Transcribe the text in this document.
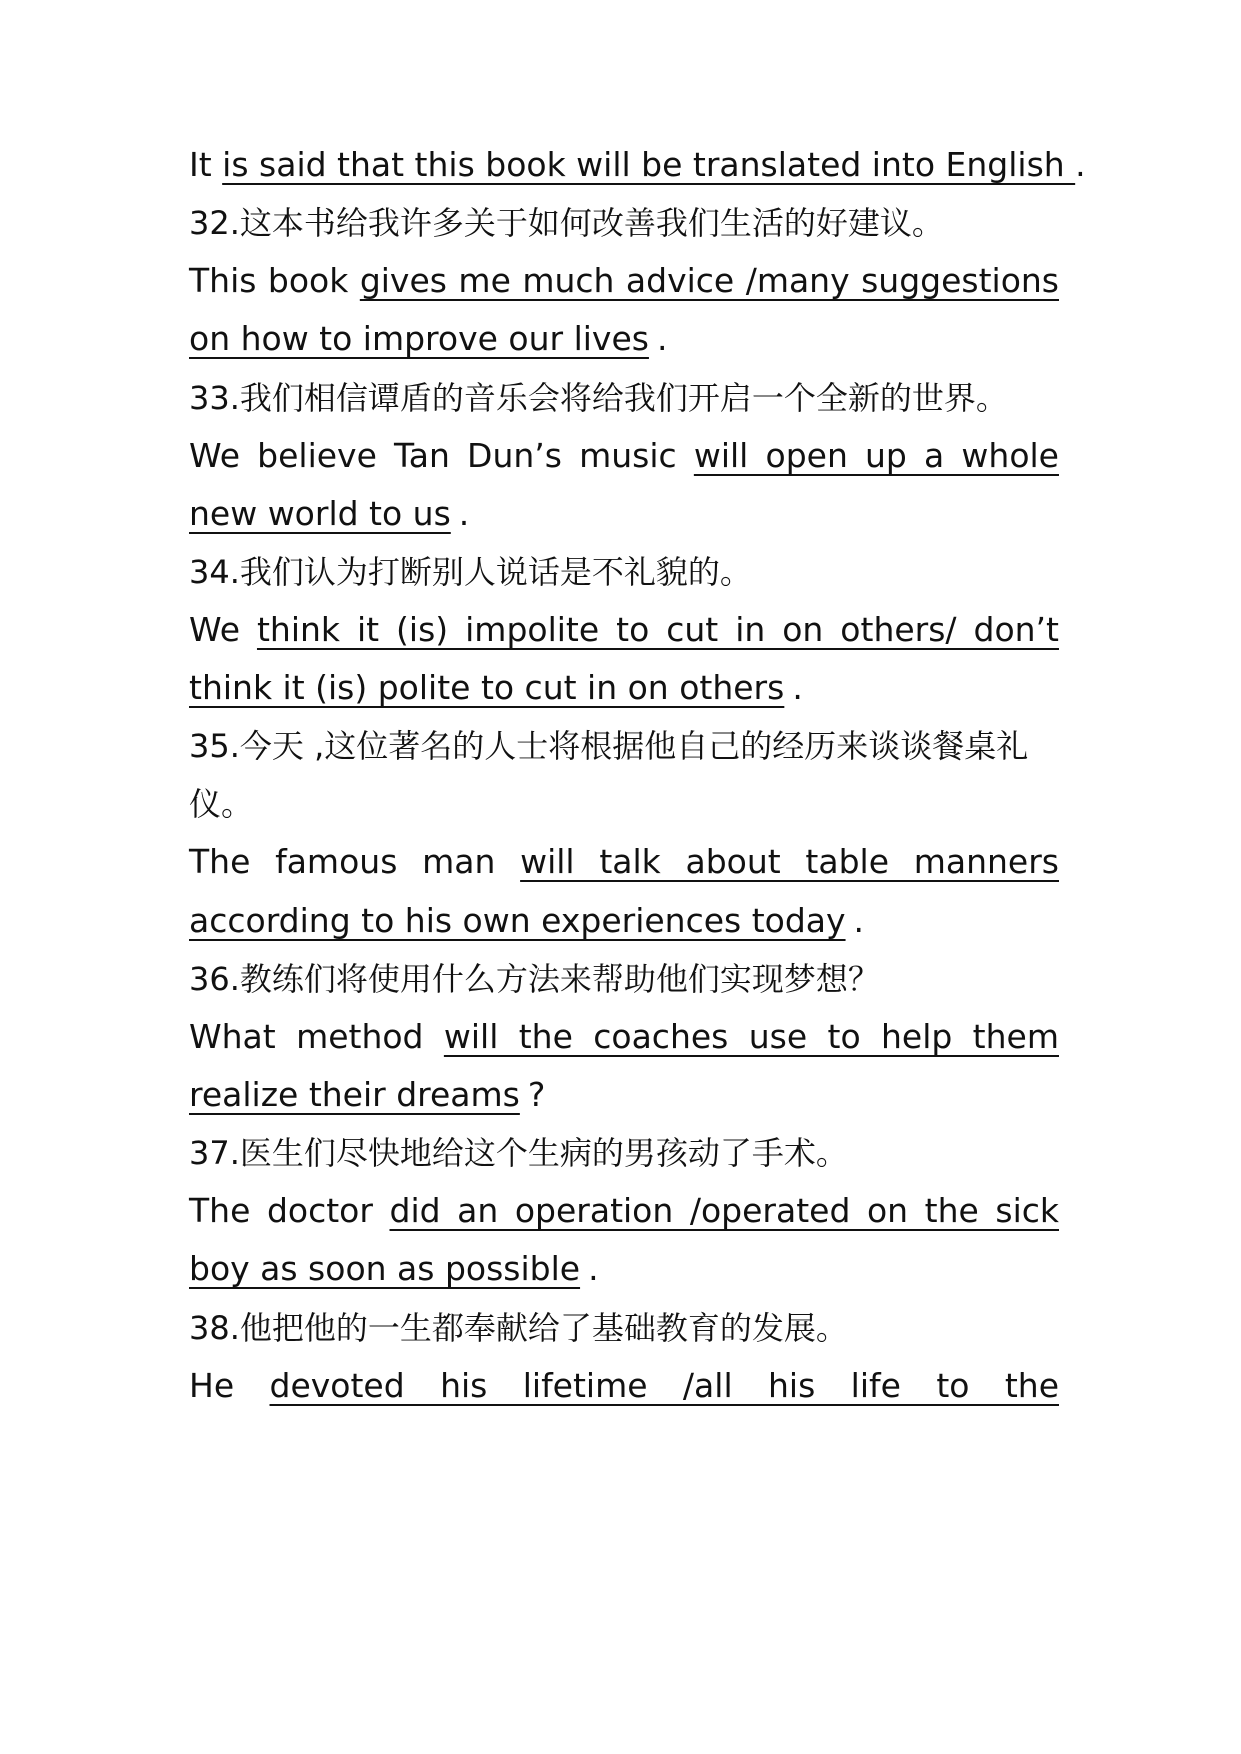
It is said that this book will be translated into English .
32.这本书给我许多关于如何改善我们生活的好建议。
This book gives me much advice /many suggestions
on how to improve our lives .
33.我们相信谭盾的音乐会将给我们开启一个全新的世界。
We believe Tan Dun’s music will open up a whole
new world to us .
34.我们认为打断别人说话是不礼貌的。
We think it (is) impolite to cut in on others/ don’t
think it (is) polite to cut in on others .
35.今天 ,这位著名的人士将根据他自己的经历来谈谈餐桌礼
仪。
The famous man will talk about table manners
according to his own experiences today .
36.教练们将使用什么方法来帮助他们实现梦想？
What method will the coaches use to help them
realize their dreams ?
37.医生们尽快地给这个生病的男孩动了手术。
The doctor did an operation /operated on the sick
boy as soon as possible .
38.他把他的一生都奉献给了基础教育的发展。
He devoted his lifetime /all his life to the
